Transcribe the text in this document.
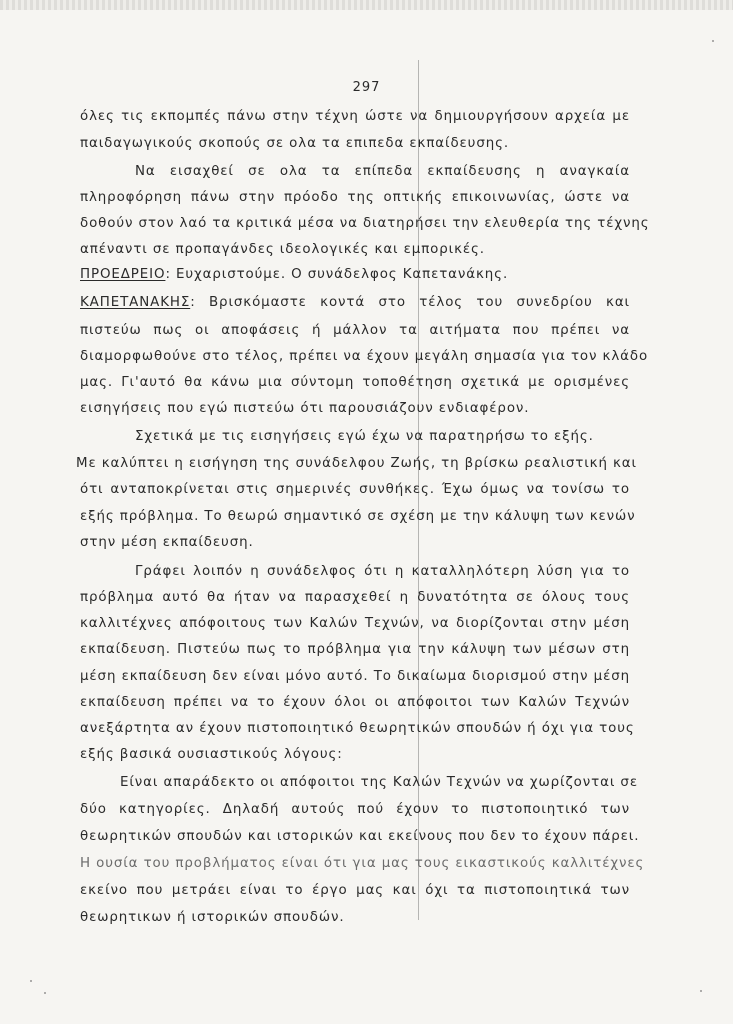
297
όλες τις εκπομπές πάνω στην τέχνη ώστε να δημιουργήσουν αρχεία με
παιδαγωγικούς σκοπούς σε ολα τα επιπεδα εκπαίδευσης.
Να εισαχθεί σε ολα τα επίπεδα εκπαίδευσης η αναγκαία
πληροφόρηση πάνω στην πρόοδο της οπτικής επικοινωνίας, ώστε να
δοθούν στον λαό τα κριτικά μέσα να διατηρήσει την ελευθερία της τέχνης
απέναντι σε προπαγάνδες ιδεολογικές και εμπορικές.
ΠΡΟΕΔΡΕΙΟ: Ευχαριστούμε. Ο συνάδελφος Καπετανάκης.
ΚΑΠΕΤΑΝΑΚΗΣ: Βρισκόμαστε κοντά στο τέλος του συνεδρίου και
πιστεύω πως οι αποφάσεις ή μάλλον τα αιτήματα που πρέπει να
διαμορφωθούνε στο τέλος, πρέπει να έχουν μεγάλη σημασία για τον κλάδο
μας. Γι'αυτό θα κάνω μια σύντομη τοποθέτηση σχετικά με ορισμένες
εισηγήσεις που εγώ πιστεύω ότι παρουσιάζουν ενδιαφέρον.
Σχετικά με τις εισηγήσεις εγώ έχω να παρατηρήσω το εξής.
Με καλύπτει η εισήγηση της συνάδελφου Ζωής, τη βρίσκω ρεαλιστική και
ότι ανταποκρίνεται στις σημερινές συνθήκες. Έχω όμως να τονίσω το
εξής πρόβλημα. Το θεωρώ σημαντικό σε σχέση με την κάλυψη των κενών
στην μέση εκπαίδευση.
Γράφει λοιπόν η συνάδελφος ότι η καταλληλότερη λύση για το
πρόβλημα αυτό θα ήταν να παρασχεθεί η δυνατότητα σε όλους τους
καλλιτέχνες απόφοιτους των Καλών Τεχνών, να διορίζονται στην μέση
εκπαίδευση. Πιστεύω πως το πρόβλημα για την κάλυψη των μέσων στη
μέση εκπαίδευση δεν είναι μόνο αυτό. Το δικαίωμα διορισμού στην μέση
εκπαίδευση πρέπει να το έχουν όλοι οι απόφοιτοι των Καλών Τεχνών
ανεξάρτητα αν έχουν πιστοποιητικό θεωρητικών σπουδών ή όχι για τους
εξής βασικά ουσιαστικούς λόγους:
Είναι απαράδεκτο οι απόφοιτοι της Καλών Τεχνών να χωρίζονται σε
δύο κατηγορίες. Δηλαδή αυτούς πού έχουν το πιστοποιητικό των
θεωρητικών σπουδών και ιστορικών και εκείνους που δεν το έχουν πάρει.
Η ουσία του προβλήματος είναι ότι για μας τους εικαστικούς καλλιτέχνες
εκείνο που μετράει είναι το έργο μας και όχι τα πιστοποιητικά των
θεωρητικων ή ιστορικών σπουδών.
